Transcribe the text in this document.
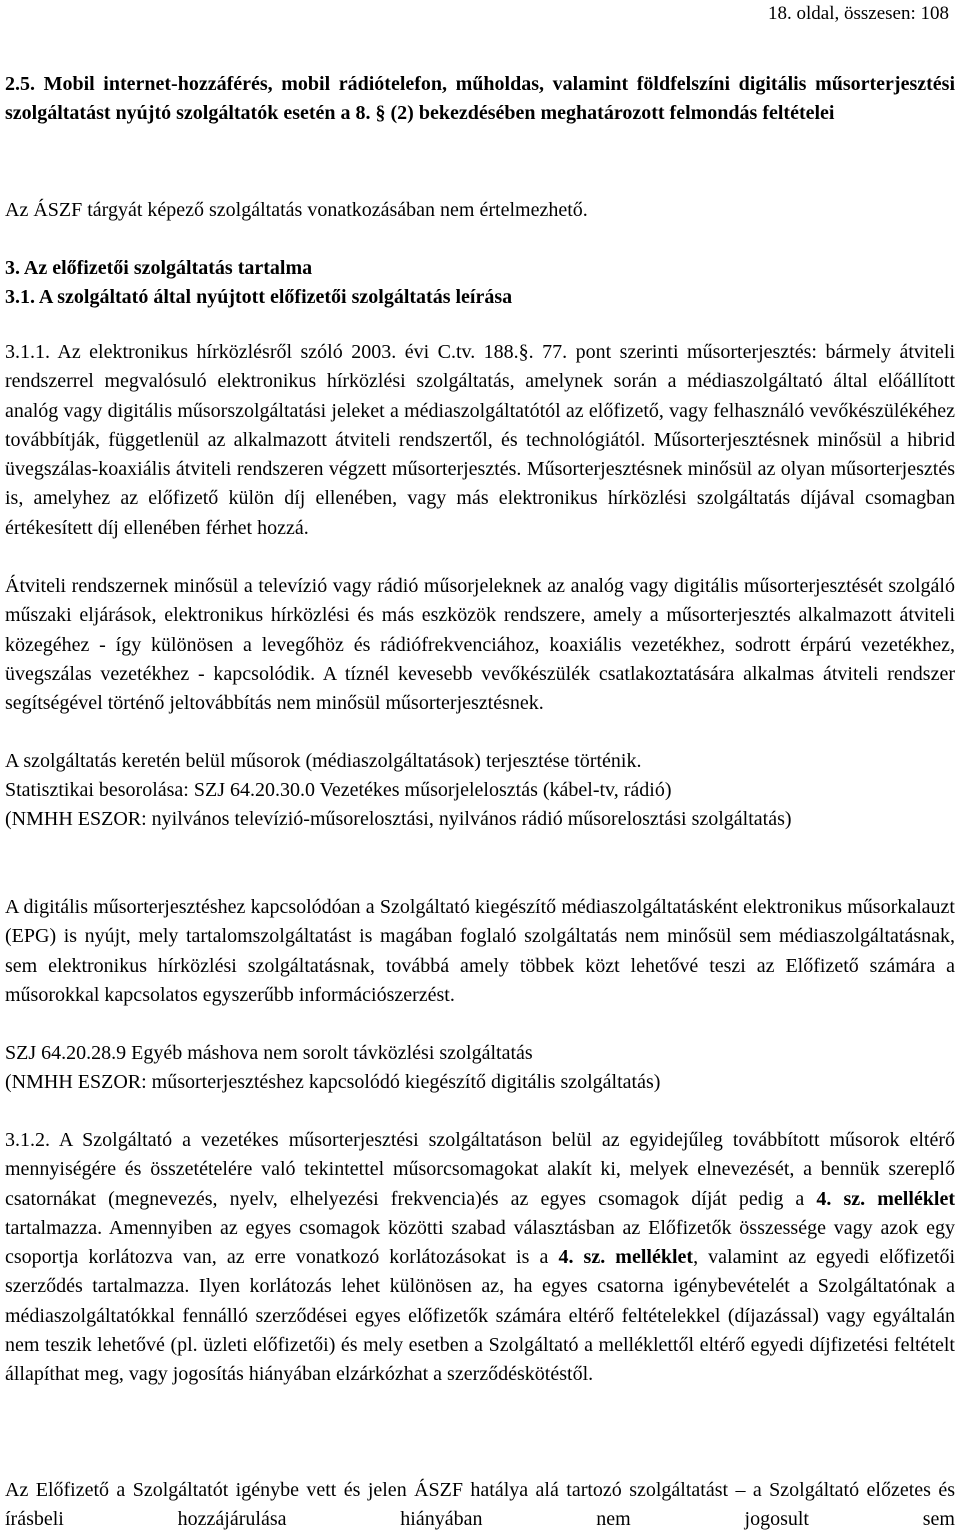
18. oldal, összesen: 108

2.5. Mobil internet-hozzáférés, mobil rádiótelefon, műholdas, valamint földfelszíni digitális műsorterjesztési szolgáltatást nyújtó szolgáltatók esetén a 8. § (2) bekezdésében meghatározott felmondás feltételei

Az ÁSZF tárgyát képező szolgáltatás vonatkozásában nem értelmezhető.

3. Az előfizetői szolgáltatás tartalma

3.1. A szolgáltató által nyújtott előfizetői szolgáltatás leírása

3.1.1. Az elektronikus hírközlésről szóló 2003. évi C.tv. 188.§. 77. pont szerinti műsorterjesztés: bármely átviteli rendszerrel megvalósuló elektronikus hírközlési szolgáltatás, amelynek során a médiaszolgáltató által előállított analóg vagy digitális műsorszolgáltatási jeleket a médiaszolgáltatótól az előfizető, vagy felhasználó vevőkészülékéhez továbbítják, függetlenül az alkalmazott átviteli rendszertől, és technológiától. Műsorterjesztésnek minősül a hibrid üvegszálas-koaxiális átviteli rendszeren végzett műsorterjesztés. Műsorterjesztésnek minősül az olyan műsorterjesztés is, amelyhez az előfizető külön díj ellenében, vagy más elektronikus hírközlési szolgáltatás díjával csomagban értékesített díj ellenében férhet hozzá.

Átviteli rendszernek minősül a televízió vagy rádió műsorjeleknek az analóg vagy digitális műsorterjesztését szolgáló műszaki eljárások, elektronikus hírközlési és más eszközök rendszere, amely a műsorterjesztés alkalmazott átviteli közegéhez - így különösen a levegőhöz és rádiófrekvenciához, koaxiális vezetékhez, sodrott érpárú vezetékhez, üvegszálas vezetékhez - kapcsolódik. A tíznél kevesebb vevőkészülék csatlakoztatására alkalmas átviteli rendszer segítségével történő jeltovábbítás nem minősül műsorterjesztésnek.

A szolgáltatás keretén belül műsorok (médiaszolgáltatások) terjesztése történik.

Statisztikai besorolása: SZJ 64.20.30.0 Vezetékes műsorjelelosztás (kábel-tv, rádió)

(NMHH ESZOR: nyilvános televízió-műsorelosztási, nyilvános rádió műsorelosztási szolgáltatás)

A digitális műsorterjesztéshez kapcsolódóan a Szolgáltató kiegészítő médiaszolgáltatásként elektronikus műsorkalauzt (EPG) is nyújt, mely tartalomszolgáltatást is magában foglaló szolgáltatás nem minősül sem médiaszolgáltatásnak, sem elektronikus hírközlési szolgáltatásnak, továbbá amely többek közt lehetővé teszi az Előfizető számára a műsorokkal kapcsolatos egyszerűbb információszerzést.

SZJ 64.20.28.9 Egyéb máshova nem sorolt távközlési szolgáltatás

(NMHH ESZOR: műsorterjesztéshez kapcsolódó kiegészítő digitális szolgáltatás)

3.1.2. A Szolgáltató a vezetékes műsorterjesztési szolgáltatáson belül az egyidejűleg továbbított műsorok eltérő mennyiségére és összetételére való tekintettel műsorcsomagokat alakít ki, melyek elnevezését, a bennük szereplő csatornákat (megnevezés, nyelv, elhelyezési frekvencia)és az egyes csomagok díját pedig a 4. sz. melléklet tartalmazza. Amennyiben az egyes csomagok közötti szabad választásban az Előfizetők összessége vagy azok egy csoportja korlátozva van, az erre vonatkozó korlátozásokat is a 4. sz. melléklet, valamint az egyedi előfizetői szerződés tartalmazza. Ilyen korlátozás lehet különösen az, ha egyes csatorna igénybevételét a Szolgáltatónak a médiaszolgáltatókkal fennálló szerződései egyes előfizetők számára eltérő feltételekkel (díjazással) vagy egyáltalán nem teszik lehetővé (pl. üzleti előfizetői) és mely esetben a Szolgáltató a melléklettől eltérő egyedi díjfizetési feltételt állapíthat meg, vagy jogosítás hiányában elzárkózhat a szerződéskötéstől.

Az Előfizető a Szolgáltatót igénybe vett és jelen ÁSZF hatálya alá tartozó szolgáltatást – a Szolgáltató előzetes és írásbeli hozzájárulása hiányában nem jogosult sem
